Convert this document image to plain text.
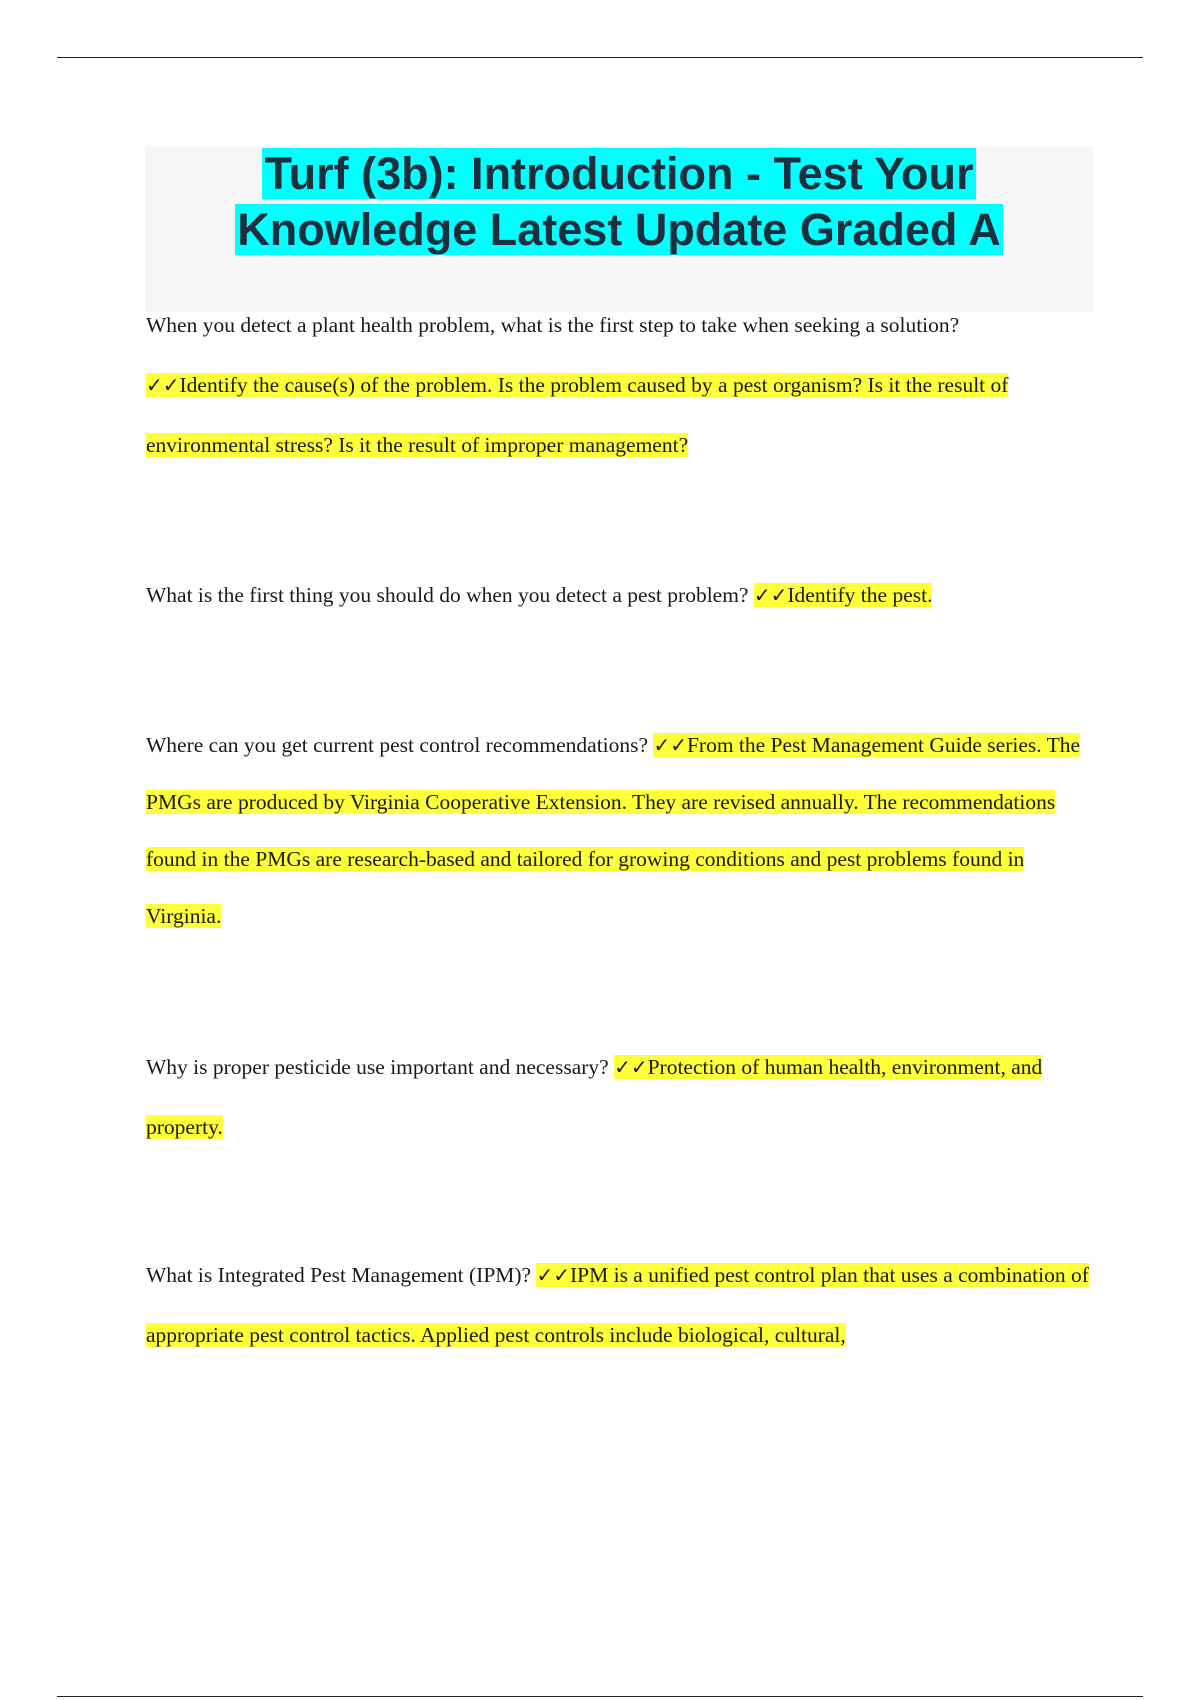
Turf (3b): Introduction - Test Your
Knowledge Latest Update Graded A

When you detect a plant health problem, what is the first step to take when seeking a solution?
✓✓Identify the cause(s) of the problem. Is the problem caused by a pest organism? Is it the result of environmental stress? Is it the result of improper management?

What is the first thing you should do when you detect a pest problem? ✓✓Identify the pest.

Where can you get current pest control recommendations? ✓✓From the Pest Management Guide series. The PMGs are produced by Virginia Cooperative Extension. They are revised annually. The recommendations found in the PMGs are research-based and tailored for growing conditions and pest problems found in Virginia.

Why is proper pesticide use important and necessary? ✓✓Protection of human health, environment, and property.

What is Integrated Pest Management (IPM)? ✓✓IPM is a unified pest control plan that uses a combination of appropriate pest control tactics. Applied pest controls include biological, cultural,
